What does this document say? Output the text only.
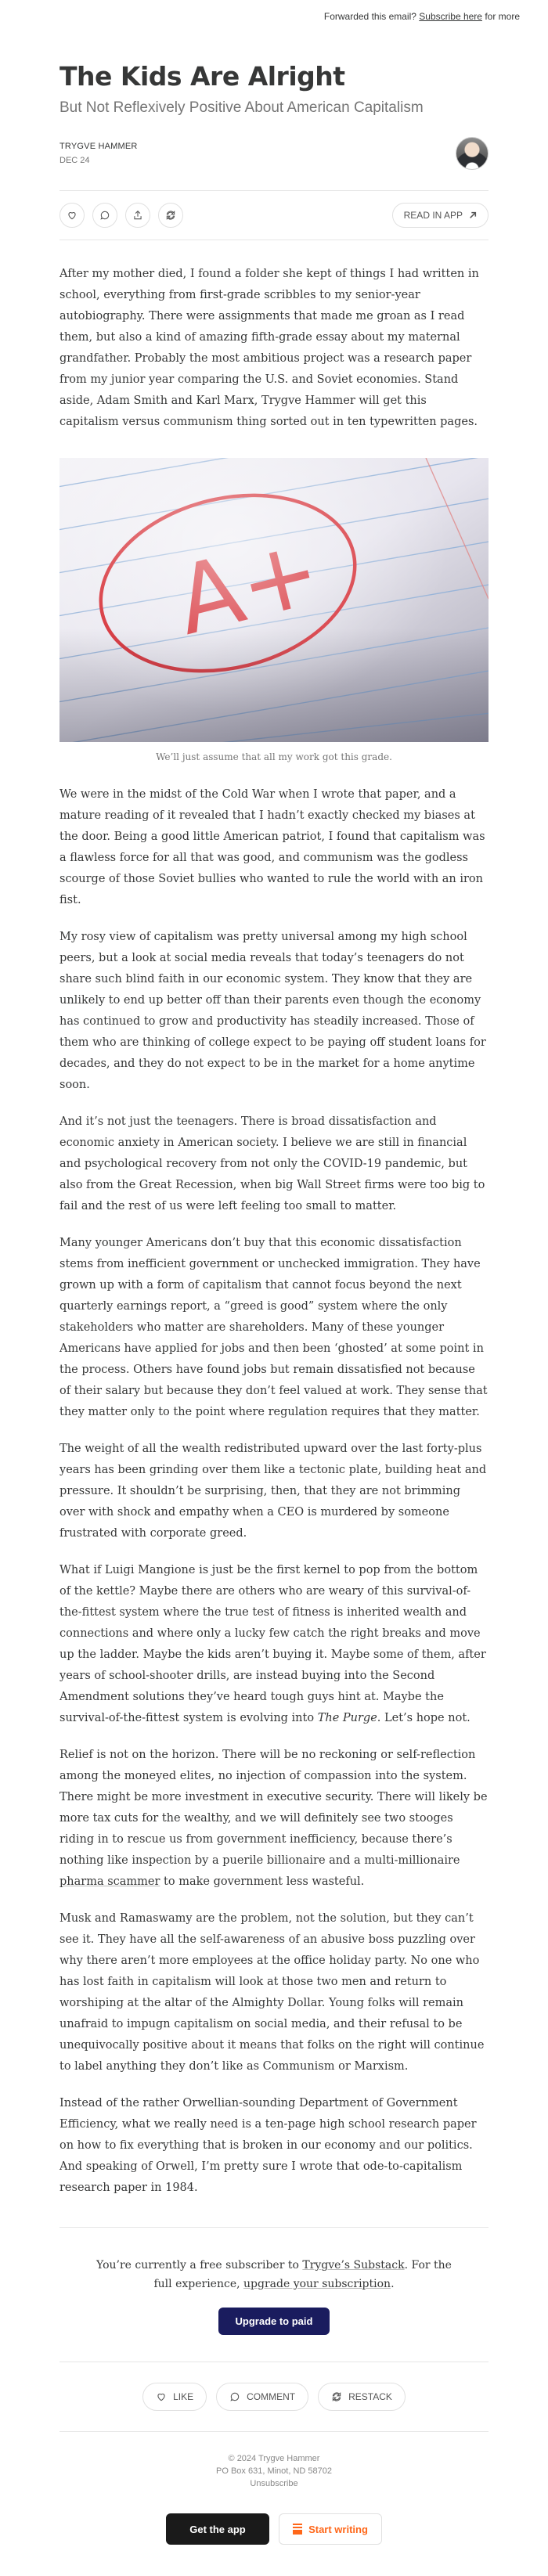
Forwarded this email? Subscribe here for more
The Kids Are Alright
But Not Reflexively Positive About American Capitalism
TRYGVE HAMMER
DEC 24
READ IN APP

After my mother died, I found a folder she kept of things I had written in school, everything from first-grade scribbles to my senior-year autobiography. There were assignments that made me groan as I read them, but also a kind of amazing fifth-grade essay about my maternal grandfather. Probably the most ambitious project was a research paper from my junior year comparing the U.S. and Soviet economies. Stand aside, Adam Smith and Karl Marx, Trygve Hammer will get this capitalism versus communism thing sorted out in ten typewritten pages.

We’ll just assume that all my work got this grade.

We were in the midst of the Cold War when I wrote that paper, and a mature reading of it revealed that I hadn’t exactly checked my biases at the door. Being a good little American patriot, I found that capitalism was a flawless force for all that was good, and communism was the godless scourge of those Soviet bullies who wanted to rule the world with an iron fist.

My rosy view of capitalism was pretty universal among my high school peers, but a look at social media reveals that today’s teenagers do not share such blind faith in our economic system. They know that they are unlikely to end up better off than their parents even though the economy has continued to grow and productivity has steadily increased. Those of them who are thinking of college expect to be paying off student loans for decades, and they do not expect to be in the market for a home anytime soon.

And it’s not just the teenagers. There is broad dissatisfaction and economic anxiety in American society. I believe we are still in financial and psychological recovery from not only the COVID-19 pandemic, but also from the Great Recession, when big Wall Street firms were too big to fail and the rest of us were left feeling too small to matter.

Many younger Americans don’t buy that this economic dissatisfaction stems from inefficient government or unchecked immigration. They have grown up with a form of capitalism that cannot focus beyond the next quarterly earnings report, a “greed is good” system where the only stakeholders who matter are shareholders. Many of these younger Americans have applied for jobs and then been ‘ghosted’ at some point in the process. Others have found jobs but remain dissatisfied not because of their salary but because they don’t feel valued at work. They sense that they matter only to the point where regulation requires that they matter.

The weight of all the wealth redistributed upward over the last forty-plus years has been grinding over them like a tectonic plate, building heat and pressure. It shouldn’t be surprising, then, that they are not brimming over with shock and empathy when a CEO is murdered by someone frustrated with corporate greed.

What if Luigi Mangione is just be the first kernel to pop from the bottom of the kettle? Maybe there are others who are weary of this survival-of-the-fittest system where the true test of fitness is inherited wealth and connections and where only a lucky few catch the right breaks and move up the ladder. Maybe the kids aren’t buying it. Maybe some of them, after years of school-shooter drills, are instead buying into the Second Amendment solutions they’ve heard tough guys hint at. Maybe the survival-of-the-fittest system is evolving into The Purge. Let’s hope not.

Relief is not on the horizon. There will be no reckoning or self-reflection among the moneyed elites, no injection of compassion into the system. There might be more investment in executive security. There will likely be more tax cuts for the wealthy, and we will definitely see two stooges riding in to rescue us from government inefficiency, because there’s nothing like inspection by a puerile billionaire and a multi-millionaire pharma scammer to make government less wasteful.

Musk and Ramaswamy are the problem, not the solution, but they can’t see it. They have all the self-awareness of an abusive boss puzzling over why there aren’t more employees at the office holiday party. No one who has lost faith in capitalism will look at those two men and return to worshiping at the altar of the Almighty Dollar. Young folks will remain unafraid to impugn capitalism on social media, and their refusal to be unequivocally positive about it means that folks on the right will continue to label anything they don’t like as Communism or Marxism.

Instead of the rather Orwellian-sounding Department of Government Efficiency, what we really need is a ten-page high school research paper on how to fix everything that is broken in our economy and our politics. And speaking of Orwell, I’m pretty sure I wrote that ode-to-capitalism research paper in 1984.

You’re currently a free subscriber to Trygve’s Substack. For the full experience, upgrade your subscription.

Upgrade to paid
LIKE	COMMENT	RESTACK
© 2024 Trygve Hammer
PO Box 631, Minot, ND 58702
Unsubscribe
Get the app	Start writing
